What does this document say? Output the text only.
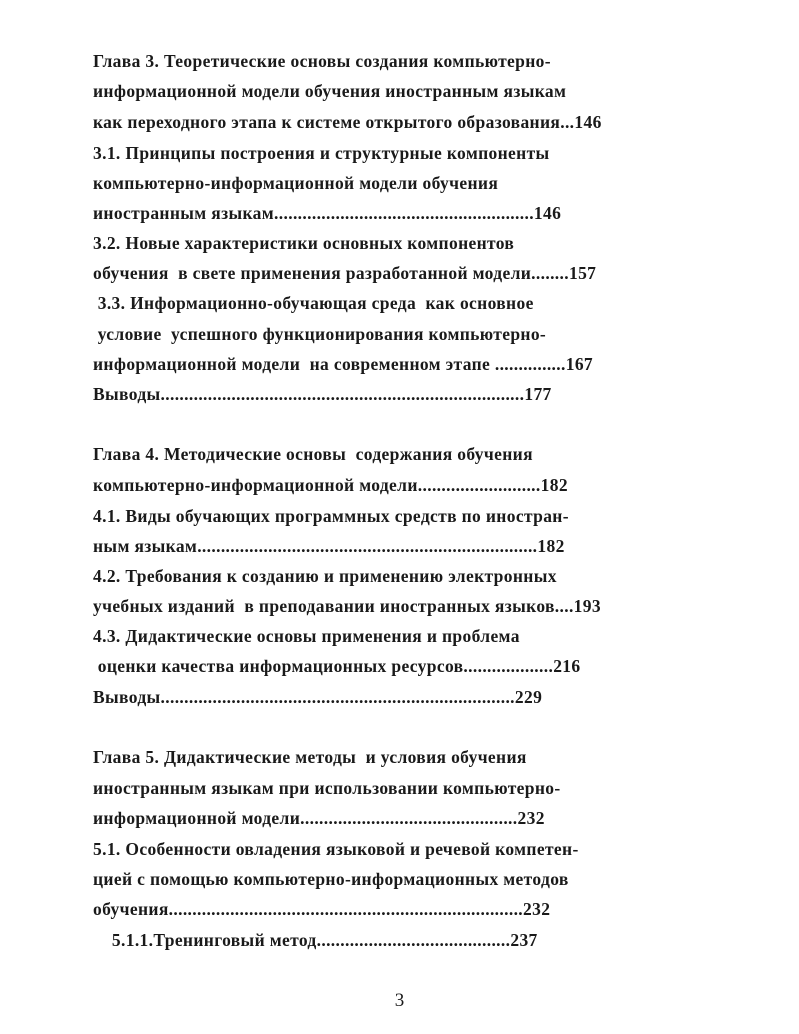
Глава 3. Теоретические основы создания компьютерно-
информационной модели обучения иностранным языкам
как переходного этапа к системе открытого образования...146
3.1. Принципы построения и структурные компоненты
компьютерно-информационной модели обучения
иностранным языкам.......................................................146
3.2. Новые характеристики основных компонентов
обучения  в свете применения разработанной модели........157
3.3. Информационно-обучающая среда  как основное
условие  успешного функционирования компьютерно-
информационной модели  на современном этапе ...............167
Выводы.............................................................................177
Глава 4. Методические основы  содержания обучения
компьютерно-информационной модели..........................182
4.1. Виды обучающих программных средств по иностран-
ным языкам........................................................................182
4.2. Требования к созданию и применению электронных
учебных изданий  в преподавании иностранных языков....193
4.3. Дидактические основы применения и проблема
оценки качества информационных ресурсов...................216
Выводы...........................................................................229
Глава 5. Дидактические методы  и условия обучения
иностранным языкам при использовании компьютерно-
информационной модели..............................................232
5.1. Особенности овладения языковой и речевой компетен-
цией с помощью компьютерно-информационных методов
обучения...........................................................................232
5.1.1.Тренинговый метод.........................................237
3
